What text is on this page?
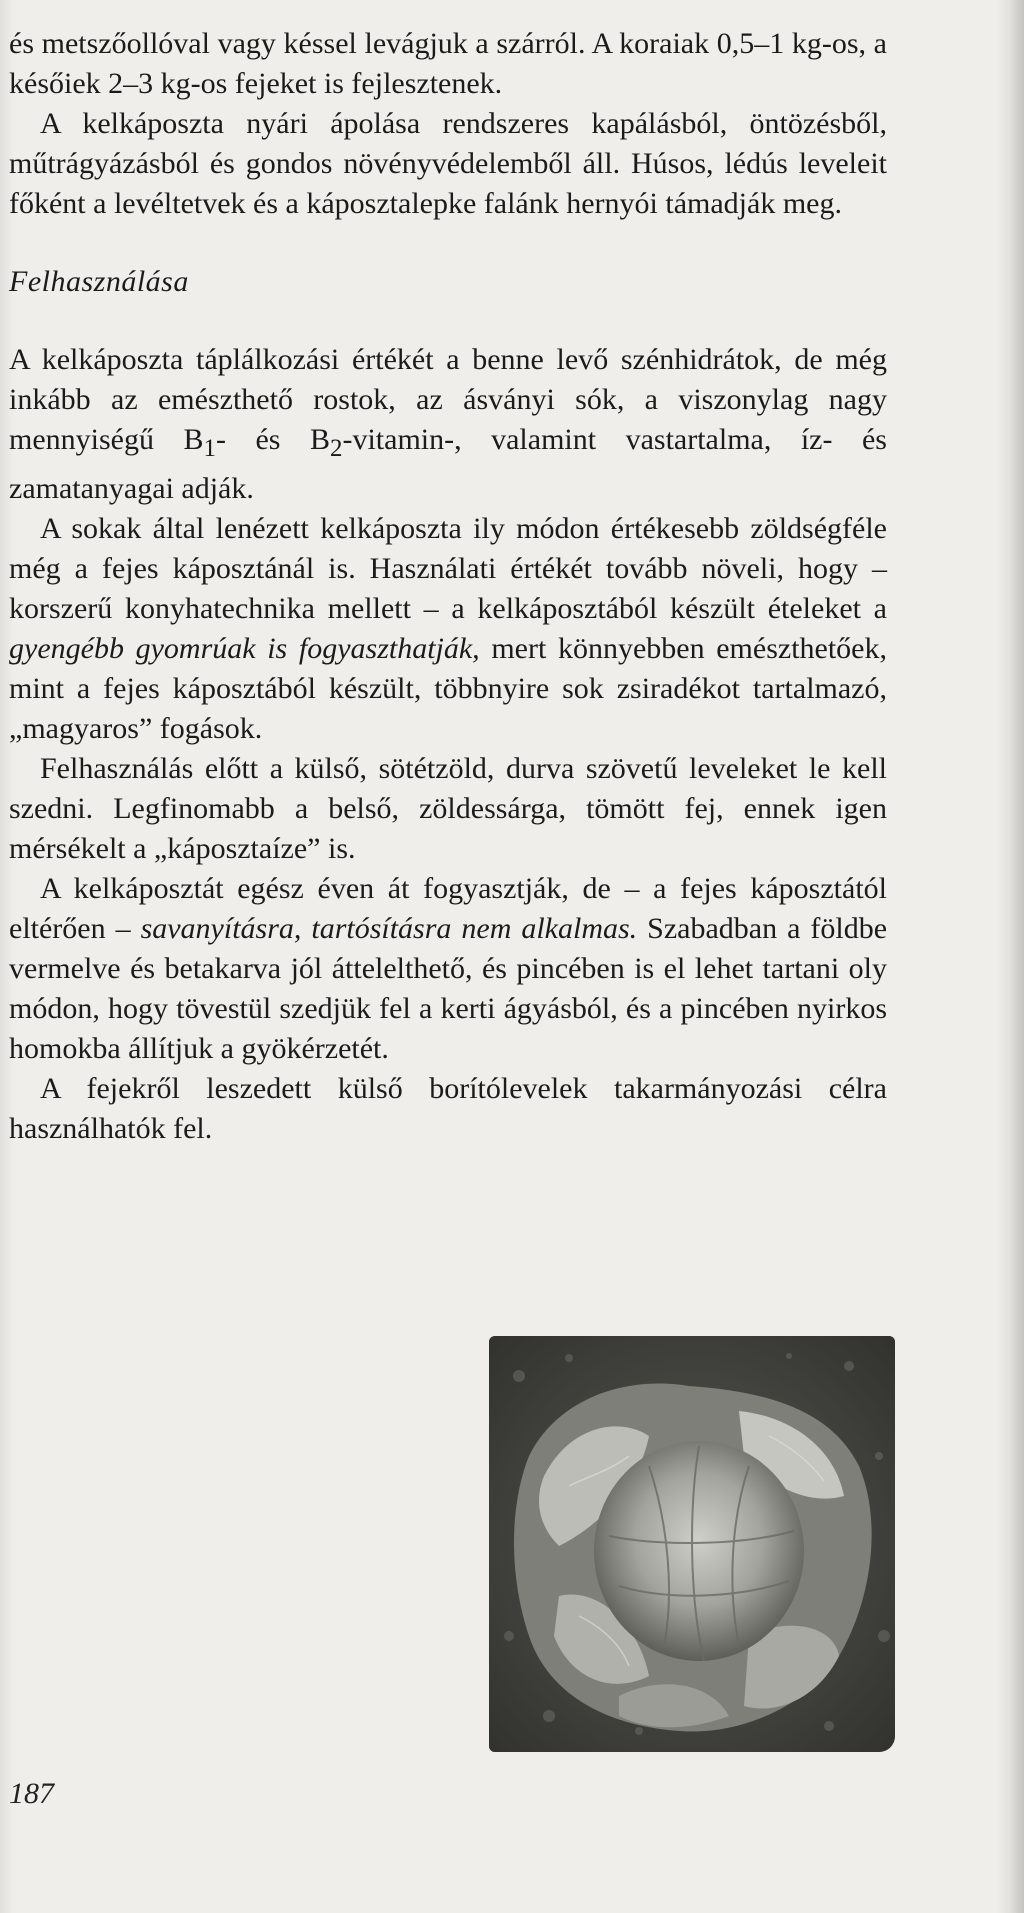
és metszőollóval vagy késsel levágjuk a szárról. A koraiak 0,5–1 kg-os, a későiek 2–3 kg-os fejeket is fejlesztenek.

A kelkáposzta nyári ápolása rendszeres kapálásból, öntözésből, műtrágyázásból és gondos növényvédelemből áll. Húsos, lédús leveleit főként a levéltetvek és a káposztalepke falánk hernyói támadják meg.

Felhasználása

A kelkáposzta táplálkozási értékét a benne levő szénhidrátok, de még inkább az emészthető rostok, az ásványi sók, a viszonylag nagy mennyiségű $B_1-$ és $B_2-vitamin-$, valamint vastartalma, íz- és zamatanyagai adják.

A sokak által lenézett kelkáposzta ily módon értékesebb zöldségféle még a fejes káposztánál is. Használati értékét tovább növeli, hogy – korszerű konyhatechnika mellett – a kelkáposztából készült ételeket a gyengébb gyomrúak is fogyaszthatják, mert könnyebben emészthetőek, mint a fejes káposztából készült, többnyire sok zsiradékot tartalmazó, „magyaros” fogások.

Felhasználás előtt a külső, sötétzöld, durva szövetű leveleket le kell szedni. Legfinomabb a belső, zöldessárga, tömött fej, ennek igen mérsékelt a „káposztaíze” is.

A kelkáposztát egész éven át fogyasztják, de – a fejes káposztától eltérően – savanyításra, tartósításra nem alkalmas. Szabadban a földbe vermelve és betakarva jól áttelelthető, és pincében is el lehet tartani oly módon, hogy tövestül szedjük fel a kerti ágyásból, és a pincében nyirkos homokba állítjuk a gyökérzetét.

A fejekről leszedett külső borítólevelek takarmányozási célra használhatók fel.

187
